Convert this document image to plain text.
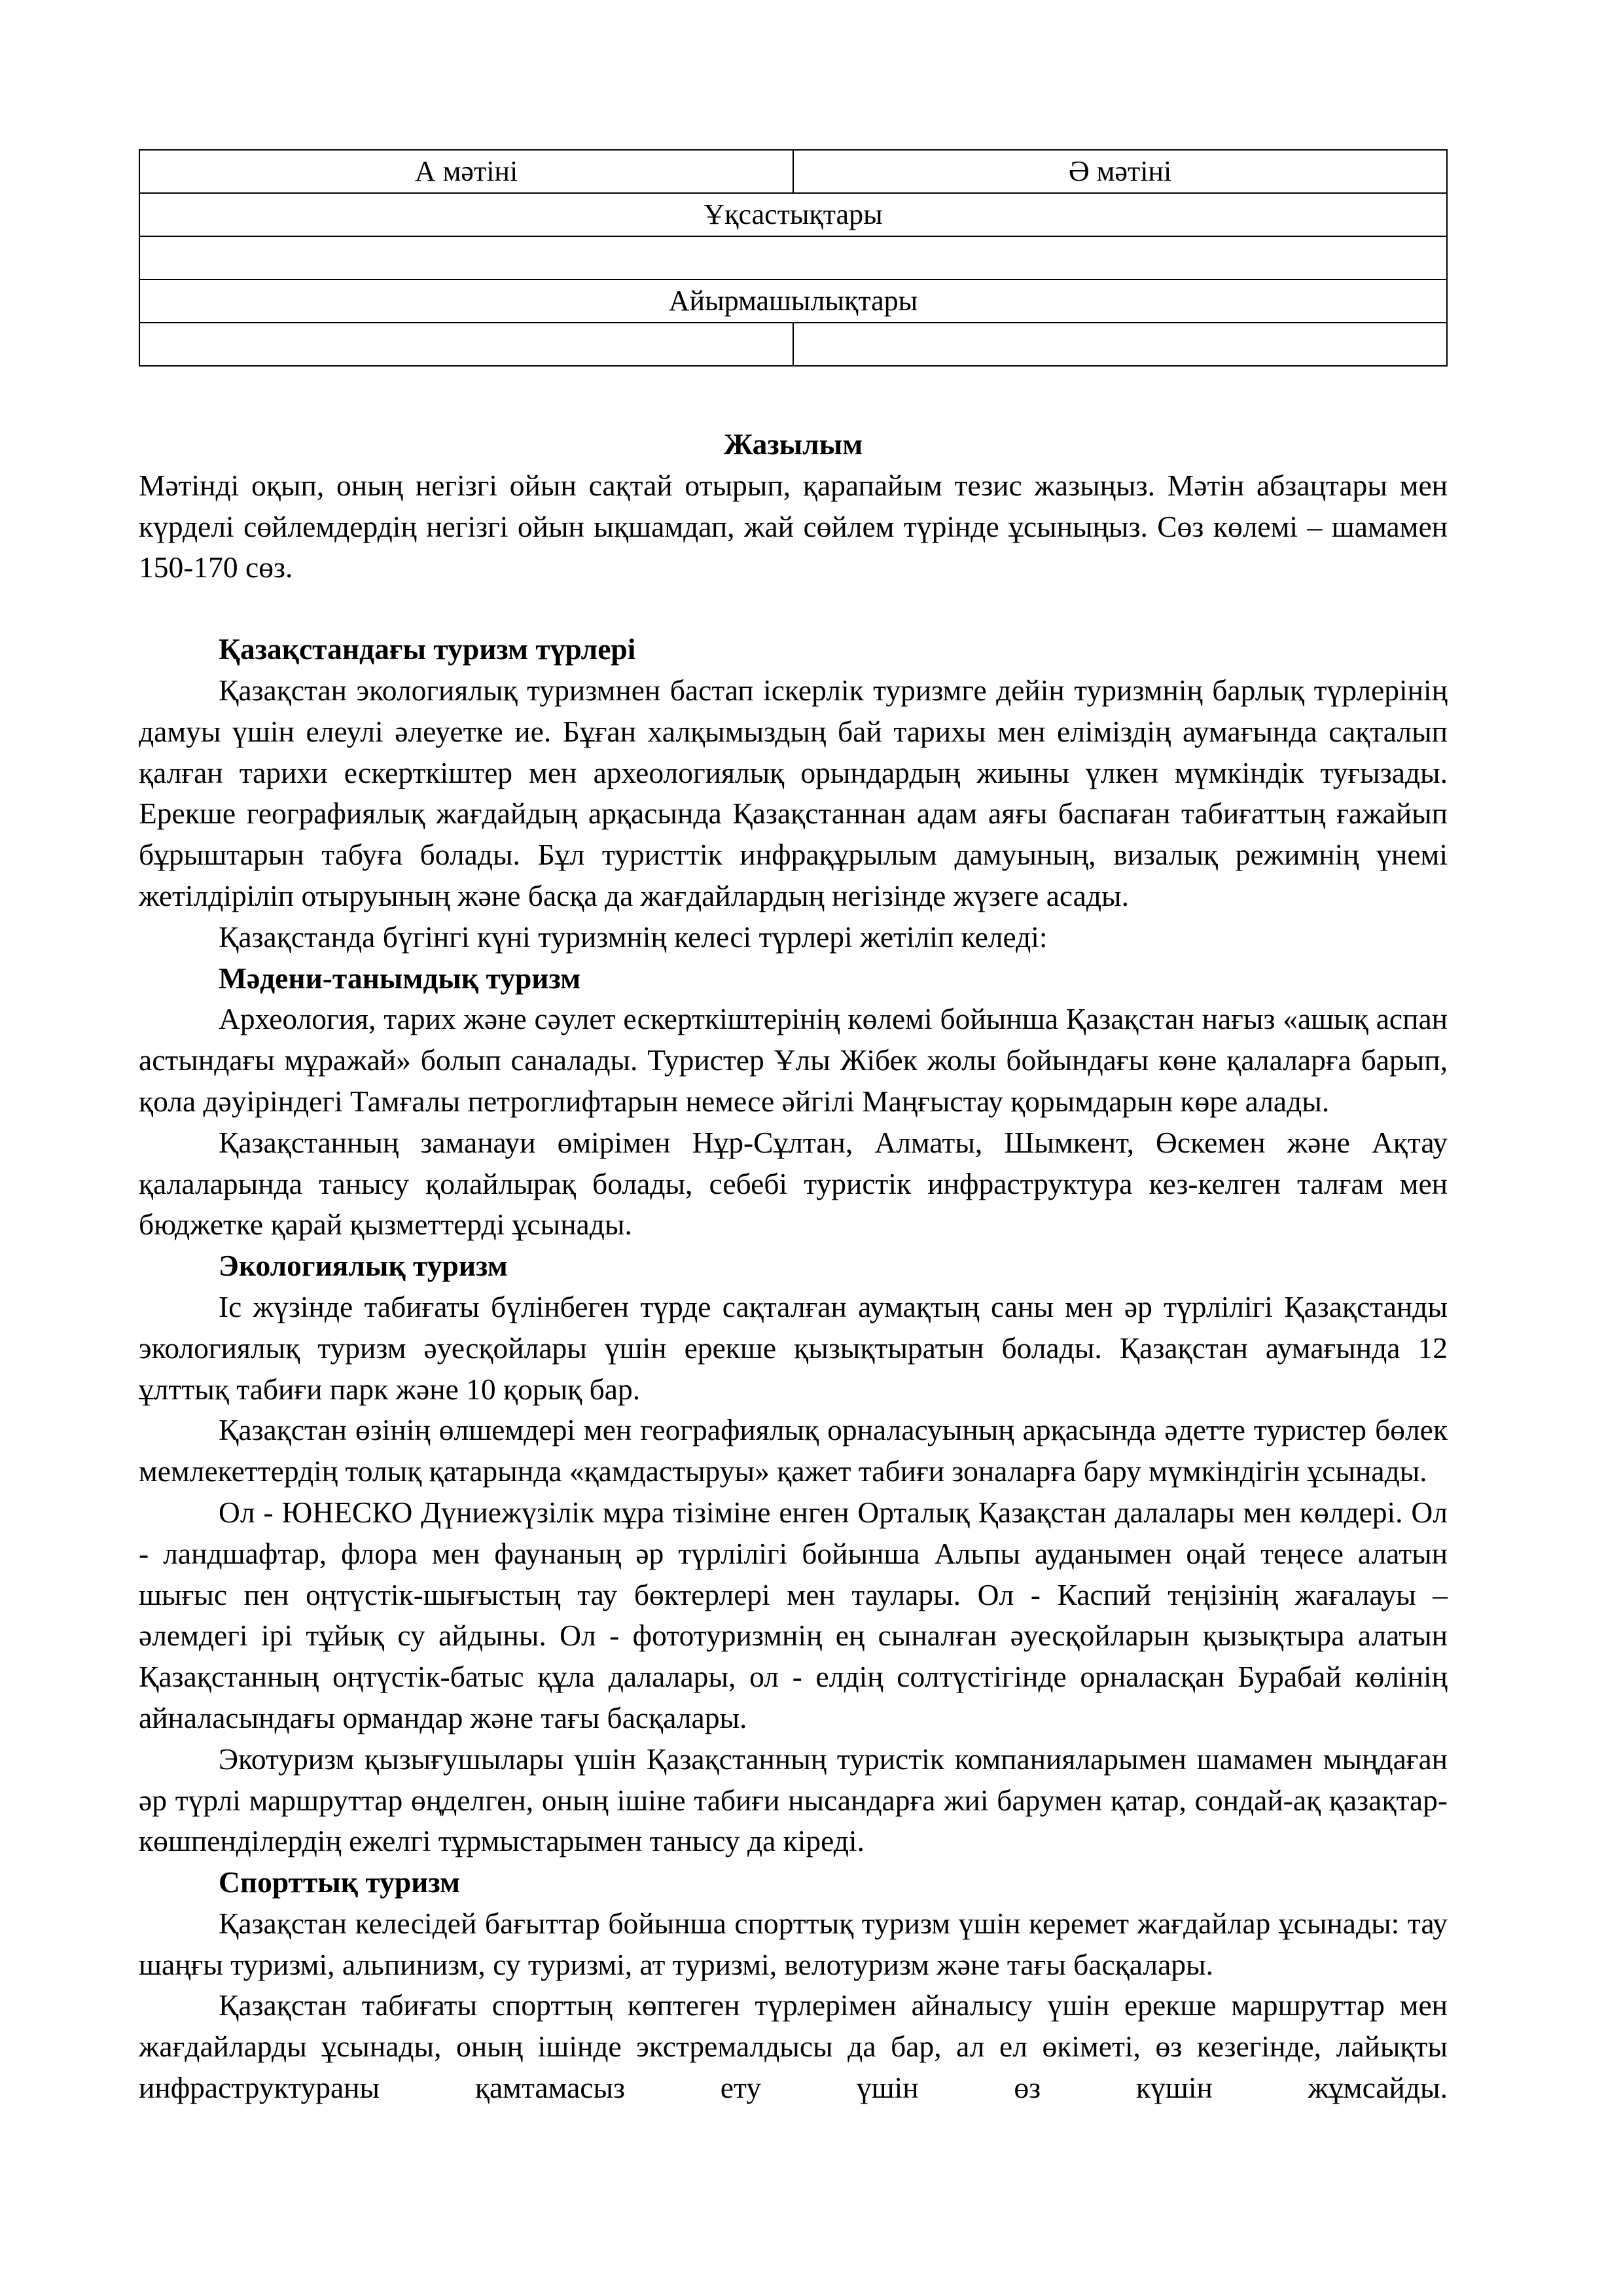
А мәтіні	Ә мәтіні
Ұқсастықтары	

Айырмашылықтары	

Жазылым

Мәтінді оқып, оның негізгі ойын сақтай отырып, қарапайым тезис жазыңыз. Мәтін абзацтары мен күрделі сөйлемдердің негізгі ойын ықшамдап, жай сөйлем түрінде ұсыныңыз. Сөз көлемі – шамамен 150-170 сөз.

Қазақстандағы туризм түрлері

Қазақстан экологиялық туризмнен бастап іскерлік туризмге дейін туризмнің барлық түрлерінің дамуы үшін елеулі әлеуетке ие. Бұған халқымыздың бай тарихы мен еліміздің аумағында сақталып қалған тарихи ескерткіштер мен археологиялық орындардың жиыны үлкен мүмкіндік туғызады. Ерекше географиялық жағдайдың арқасында Қазақстаннан адам аяғы баспаған табиғаттың ғажайып бұрыштарын табуға болады. Бұл туристтік инфрақұрылым дамуының, визалық режимнің үнемі жетілдіріліп отыруының және басқа да жағдайлардың негізінде жүзеге асады.

Қазақстанда бүгінгі күні туризмнің келесі түрлері жетіліп келеді:

Мәдени-танымдық туризм

Археология, тарих және сәулет ескерткіштерінің көлемі бойынша Қазақстан нағыз «ашық аспан астындағы мұражай» болып саналады. Туристер Ұлы Жібек жолы бойындағы көне қалаларға барып, қола дәуіріндегі Тамғалы петроглифтарын немесе әйгілі Маңғыстау қорымдарын көре алады.

Қазақстанның заманауи өмірімен Нұр-Сұлтан, Алматы, Шымкент, Өскемен және Ақтау қалаларында танысу қолайлырақ болады, себебі туристік инфраструктура кез-келген талғам мен бюджетке қарай қызметтерді ұсынады.

Экологиялық туризм

Іс жүзінде табиғаты бүлінбеген түрде сақталған аумақтың саны мен әр түрлілігі Қазақстанды экологиялық туризм әуесқойлары үшін ерекше қызықтыратын болады. Қазақстан аумағында 12 ұлттық табиғи парк және 10 қорық бар.

Қазақстан өзінің өлшемдері мен географиялық орналасуының арқасында әдетте туристер бөлек мемлекеттердің толық қатарында «қамдастыруы» қажет табиғи зоналарға бару мүмкіндігін ұсынады.

Ол - ЮНЕСКО Дүниежүзілік мұра тізіміне енген Орталық Қазақстан далалары мен көлдері. Ол - ландшафтар, флора мен фаунаның әр түрлілігі бойынша Альпы ауданымен оңай теңесе алатын шығыс пен оңтүстік-шығыстың тау бөктерлері мен таулары. Ол - Каспий теңізінің жағалауы – әлемдегі ірі тұйық су айдыны. Ол - фототуризмнің ең сыналған әуесқойларын қызықтыра алатын Қазақстанның оңтүстік-батыс құла далалары, ол - елдің солтүстігінде орналасқан Бурабай көлінің айналасындағы ормандар және тағы басқалары.

Экотуризм қызығушылары үшін Қазақстанның туристік компанияларымен шамамен мыңдаған әр түрлі маршруттар өңделген, оның ішіне табиғи нысандарға жиі барумен қатар, сондай-ақ қазақтар-көшпенділердің ежелгі тұрмыстарымен танысу да кіреді.

Спорттық туризм

Қазақстан келесідей бағыттар бойынша спорттық туризм үшін керемет жағдайлар ұсынады: тау шаңғы туризмі, альпинизм, су туризмі, ат туризмі, велотуризм және тағы басқалары.

Қазақстан табиғаты спорттың көптеген түрлерімен айналысу үшін ерекше маршруттар мен жағдайларды ұсынады, оның ішінде экстремалдысы да бар, ал ел өкіметі, өз кезегінде, лайықты инфраструктураны қамтамасыз ету үшін өз күшін жұмсайды.
